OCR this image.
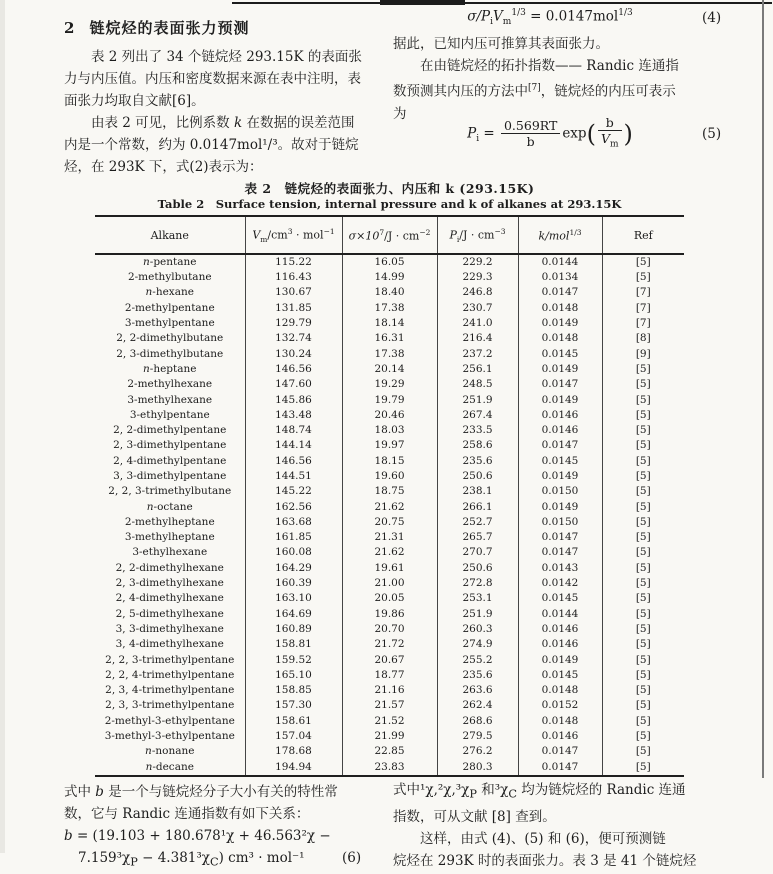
2 链烷烃的表面张力预测
表 2 列出了 34 个链烷烃 293.15K 的表面张
力与内压值。内压和密度数据来源在表中注明，表
面张力均取自文献[6]。
由表 2 可见，比例系数 k 在数据的误差范围
内是一个常数，约为 0.0147mol¹/³。故对于链烷
烃，在 293K 下，式(2)表示为：
$\sigma/P_iV_m^{1/3} = 0.0147mol^{1/3}$	(4)
据此，已知内压可推算其表面张力。
在由链烷烃的拓扑指数—— Randic 连通指
数预测其内压的方法中[7]，链烷烃的内压可表示
为
$P_i = \frac{0.569RT}{b} \exp( \frac{b}{V_m}$ )	(5)
表 2　链烷烃的表面张力、内压和 k (293.15K)
Table 2　Surface tension, internal pressure and k of alkanes at 293.15K
Alkane	$V_m/cm^3 \cdot mol^{-1}$	$\sigma\times 10^7/J \cdot cm^{-2}$	$P_i/J \cdot cm^{-3}$	k/mol$^{1/3}$	Ref
n-pentane	115.22	16.05	229.2	0.0144	[5]
2-methylbutane	116.43	14.99	229.3	0.0134	[5]
n-hexane	130.67	18.40	246.8	0.0147	[7]
2-methylpentane	131.85	17.38	230.7	0.0148	[7]
3-methylpentane	129.79	18.14	241.0	0.0149	[7]
2, 2-dimethylbutane	132.74	16.31	216.4	0.0148	[8]
2, 3-dimethylbutane	130.24	17.38	237.2	0.0145	[9]
n-heptane	146.56	20.14	256.1	0.0149	[5]
2-methylhexane	147.60	19.29	248.5	0.0147	[5]
3-methylhexane	145.86	19.79	251.9	0.0149	[5]
3-ethylpentane	143.48	20.46	267.4	0.0146	[5]
2, 2-dimethylpentane	148.74	18.03	233.5	0.0146	[5]
2, 3-dimethylpentane	144.14	19.97	258.6	0.0147	[5]
2, 4-dimethylpentane	146.56	18.15	235.6	0.0145	[5]
3, 3-dimethylpentane	144.51	19.60	250.6	0.0149	[5]
2, 2, 3-trimethylbutane	145.22	18.75	238.1	0.0150	[5]
n-octane	162.56	21.62	266.1	0.0149	[5]
2-methylheptane	163.68	20.75	252.7	0.0150	[5]
3-methylheptane	161.85	21.31	265.7	0.0147	[5]
3-ethylhexane	160.08	21.62	270.7	0.0147	[5]
2, 2-dimethylhexane	164.29	19.61	250.6	0.0143	[5]
2, 3-dimethylhexane	160.39	21.00	272.8	0.0142	[5]
2, 4-dimethylhexane	163.10	20.05	253.1	0.0145	[5]
2, 5-dimethylhexane	164.69	19.86	251.9	0.0144	[5]
3, 3-dimethylhexane	160.89	20.70	260.3	0.0146	[5]
3, 4-dimethylhexane	158.81	21.72	274.9	0.0146	[5]
2, 2, 3-trimethylpentane	159.52	20.67	255.2	0.0149	[5]
2, 2, 4-trimethylpentane	165.10	18.77	235.6	0.0145	[5]
2, 3, 4-trimethylpentane	158.85	21.16	263.6	0.0148	[5]
2, 3, 3-trimethylpentane	157.30	21.57	262.4	0.0152	[5]
2-methyl-3-ethylpentane	158.61	21.52	268.6	0.0148	[5]
3-methyl-3-ethylpentane	157.04	21.99	279.5	0.0146	[5]
n-nonane	178.68	22.85	276.2	0.0147	[5]
n-decane	194.94	23.83	280.3	0.0147	[5]
式中 b 是一个与链烷烃分子大小有关的特性常
数，它与 Randic 连通指数有如下关系：
b = (19.103 + 180.678¹χ + 46.563²χ −
$7.159^3\chi_P - 4.381^3\chi_C$) cm³ · mol⁻¹	(6)
式中$^1\chi,^2\chi,^3\chi_P$ 和$^3\chi_C$ 均为链烷烃的 Randic 连通
指数，可从文献 [8] 查到。
这样，由式 (4)、(5) 和 (6)，便可预测链
烷烃在 293K 时的表面张力。表 3 是 41 个链烷烃
